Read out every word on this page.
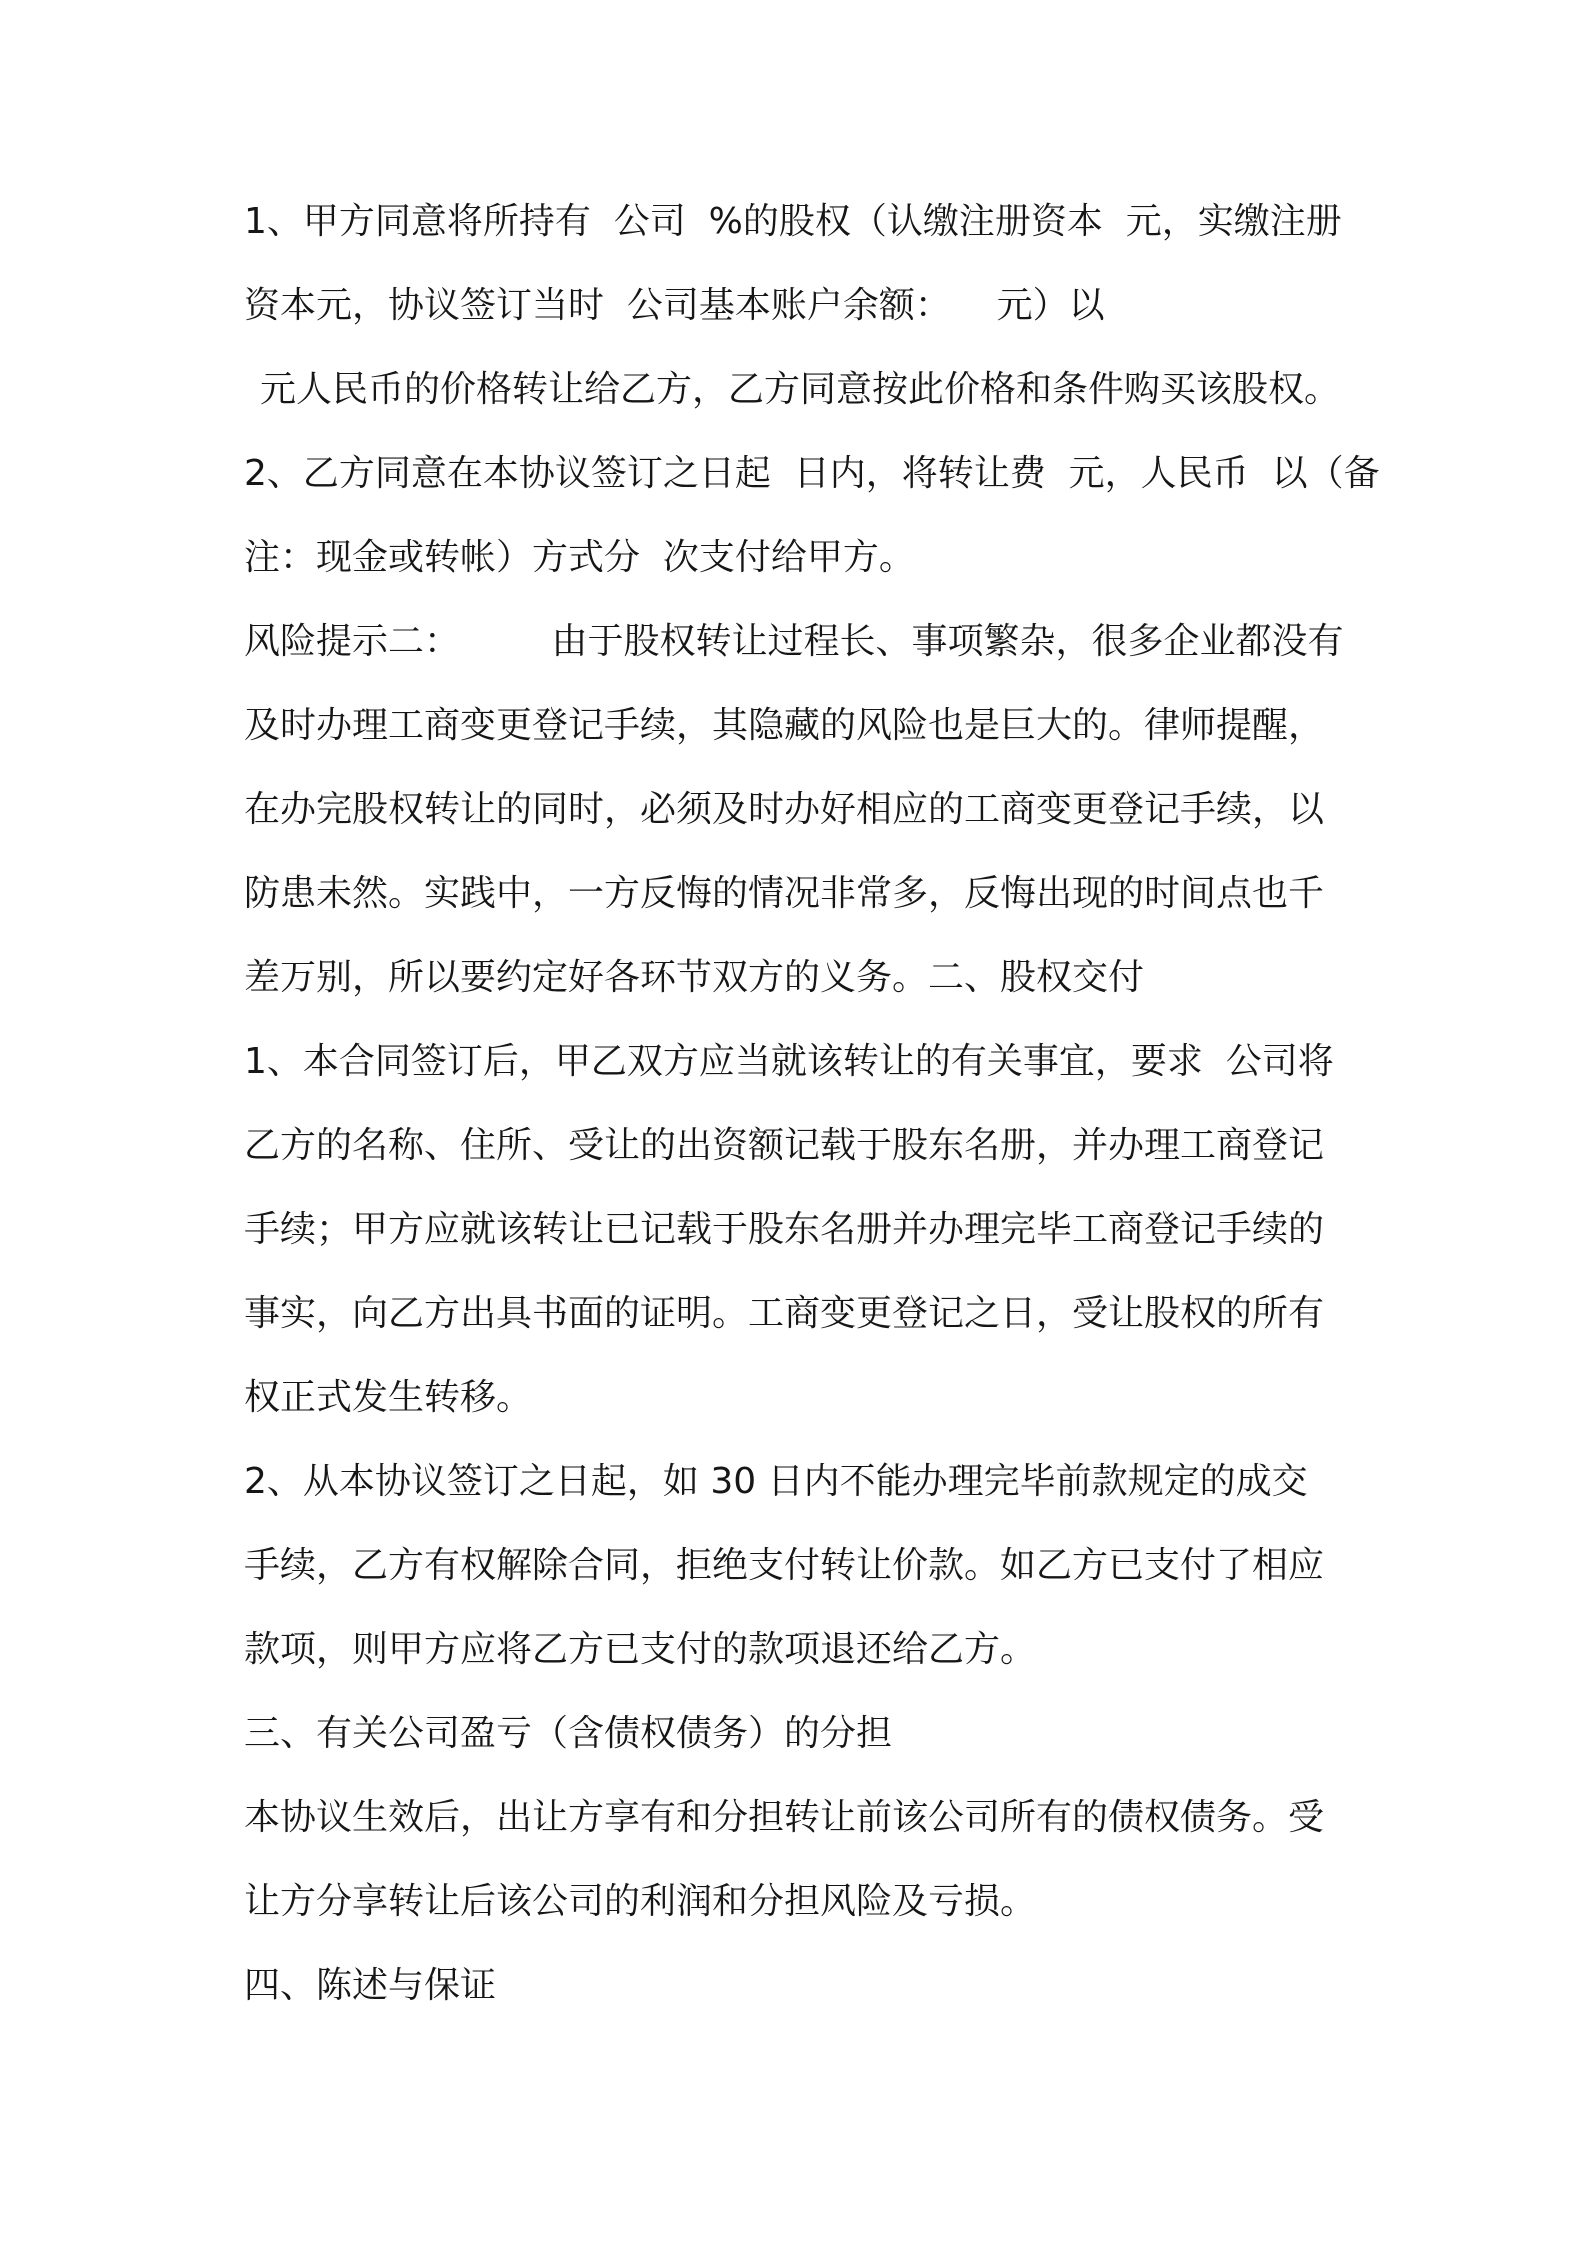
1、甲方同意将所持有  公司  %的股权（认缴注册资本  元，实缴注册
资本元，协议签订当时  公司基本账户余额：    元）以
元人民币的价格转让给乙方，乙方同意按此价格和条件购买该股权。
2、乙方同意在本协议签订之日起  日内，将转让费  元，人民币  以（备
注：现金或转帐）方式分  次支付给甲方。
风险提示二：        由于股权转让过程长、事项繁杂，很多企业都没有
及时办理工商变更登记手续，其隐藏的风险也是巨大的。律师提醒，
在办完股权转让的同时，必须及时办好相应的工商变更登记手续，以
防患未然。实践中，一方反悔的情况非常多，反悔出现的时间点也千
差万别，所以要约定好各环节双方的义务。二、股权交付
1、本合同签订后，甲乙双方应当就该转让的有关事宜，要求  公司将
乙方的名称、住所、受让的出资额记载于股东名册，并办理工商登记
手续；甲方应就该转让已记载于股东名册并办理完毕工商登记手续的
事实，向乙方出具书面的证明。工商变更登记之日，受让股权的所有
权正式发生转移。
2、从本协议签订之日起，如 30 日内不能办理完毕前款规定的成交
手续，乙方有权解除合同，拒绝支付转让价款。如乙方已支付了相应
款项，则甲方应将乙方已支付的款项退还给乙方。
三、有关公司盈亏（含债权债务）的分担
本协议生效后，出让方享有和分担转让前该公司所有的债权债务。受
让方分享转让后该公司的利润和分担风险及亏损。
四、陈述与保证
